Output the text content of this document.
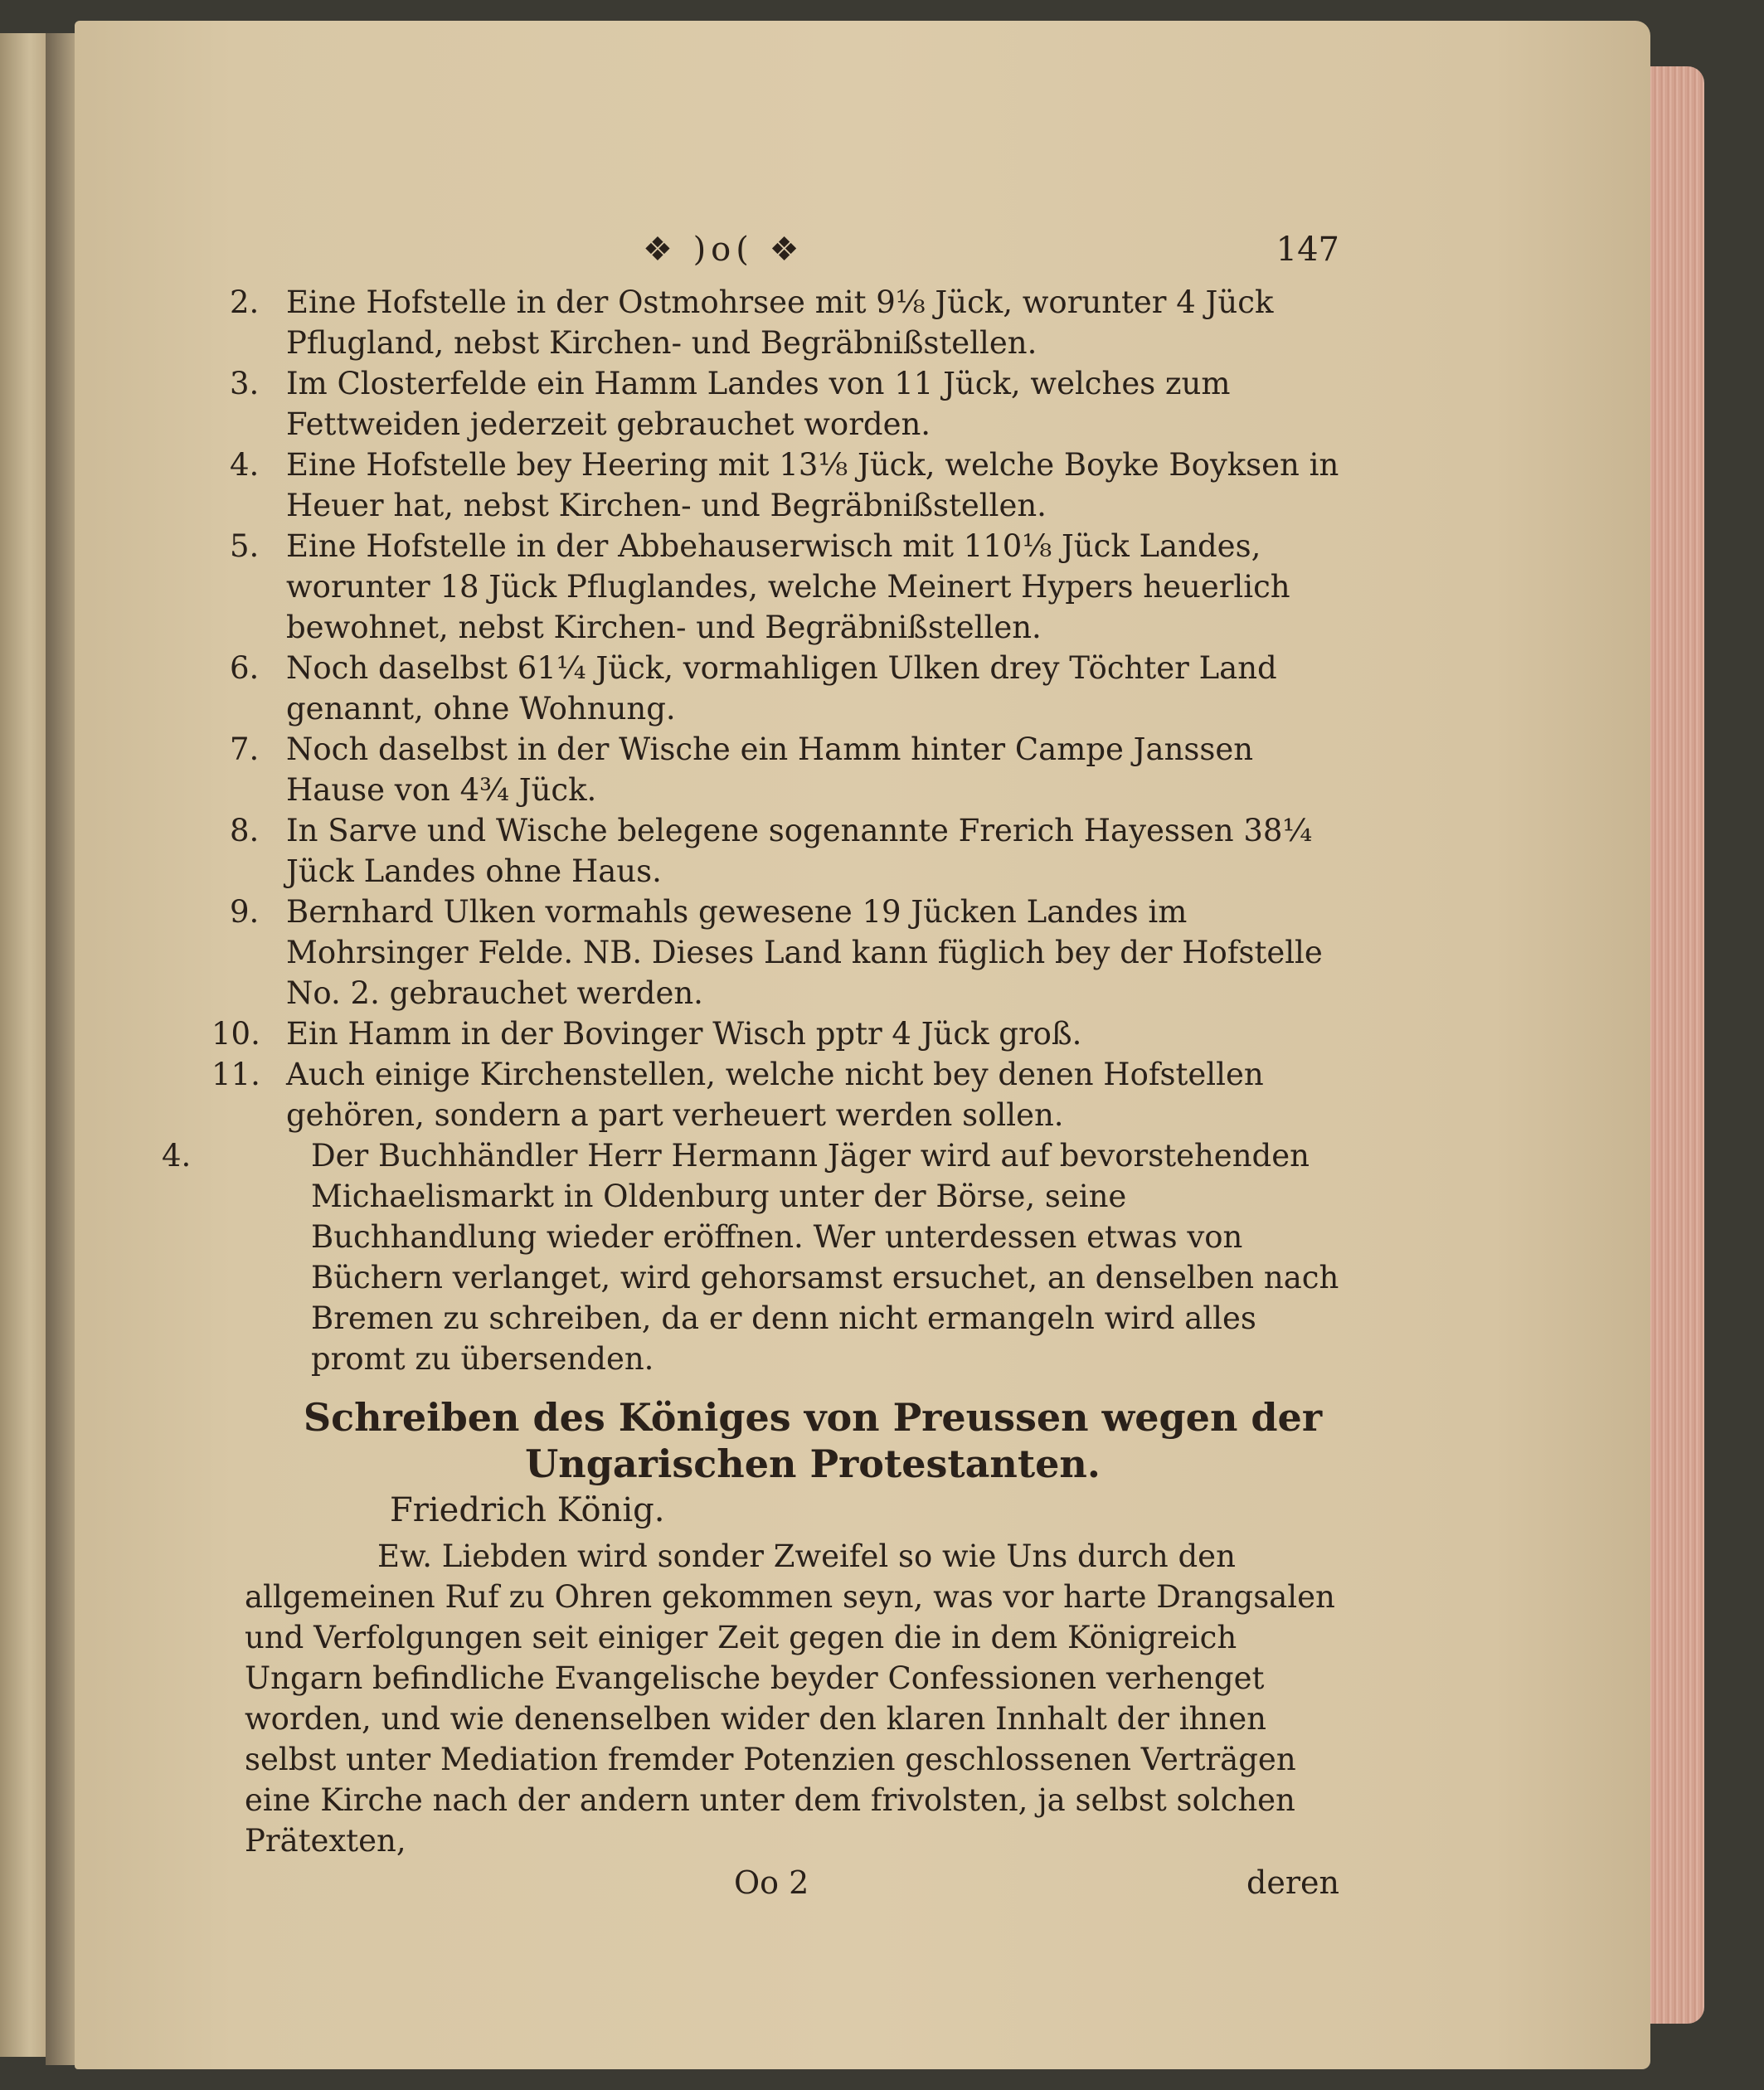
❖ )o( ❖	147
2. Eine Hofstelle in der Ostmohrsee mit 9⅛ Jück, worunter 4 Jück Pflugland, nebst Kirchen- und Begräbnißstellen.
3. Im Closterfelde ein Hamm Landes von 11 Jück, welches zum Fettweiden jederzeit gebrauchet worden.
4. Eine Hofstelle bey Heering mit 13⅛ Jück, welche Boyke Boyksen in Heuer hat, nebst Kirchen- und Begräbnißstellen.
5. Eine Hofstelle in der Abbehauserwisch mit 110⅛ Jück Landes, worunter 18 Jück Pfluglandes, welche Meinert Hypers heuerlich bewohnet, nebst Kirchen- und Begräbnißstellen.
6. Noch daselbst 61¼ Jück, vormahligen Ulken drey Töchter Land genannt, ohne Wohnung.
7. Noch daselbst in der Wische ein Hamm hinter Campe Janssen Hause von 4¾ Jück.
8. In Sarve und Wische belegene sogenannte Frerich Hayessen 38¼ Jück Landes ohne Haus.
9. Bernhard Ulken vormahls gewesene 19 Jücken Landes im Mohrsinger Felde. NB. Dieses Land kann füglich bey der Hofstelle No. 2. gebrauchet werden.
10. Ein Hamm in der Bovinger Wisch pptr 4 Jück groß.
11. Auch einige Kirchenstellen, welche nicht bey denen Hofstellen gehören, sondern a part verheuert werden sollen.
4.	Der Buchhändler Herr Hermann Jäger wird auf bevorstehenden Michaelismarkt in Oldenburg unter der Börse, seine Buchhandlung wieder eröffnen. Wer unterdessen etwas von Büchern verlanget, wird gehorsamst ersuchet, an denselben nach Bremen zu schreiben, da er denn nicht ermangeln wird alles promt zu übersenden.
Schreiben des Königes von Preussen wegen der Ungarischen Protestanten.
Friedrich König.
Ew. Liebden wird sonder Zweifel so wie Uns durch den allgemeinen Ruf zu Ohren gekommen seyn, was vor harte Drangsalen und Verfolgungen seit einiger Zeit gegen die in dem Königreich Ungarn befindliche Evangelische beyder Confessionen verhenget worden, und wie denenselben wider den klaren Innhalt der ihnen selbst unter Mediation fremder Potenzien geschlossenen Verträgen eine Kirche nach der andern unter dem frivolsten, ja selbst solchen Prätexten,
Oo 2	deren
